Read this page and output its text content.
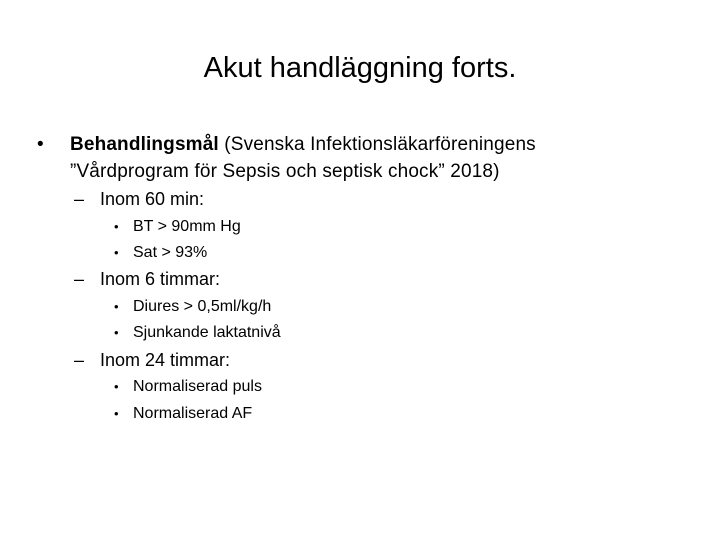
Akut handläggning forts.
• Behandlingsmål (Svenska Infektionsläkarföreningens
”Vårdprogram för Sepsis och septisk chock” 2018)
– Inom 60 min:
• BT > 90mm Hg
• Sat > 93%
– Inom 6 timmar:
• Diures > 0,5ml/kg/h
• Sjunkande laktatnivå
– Inom 24 timmar:
• Normaliserad puls
• Normaliserad AF
